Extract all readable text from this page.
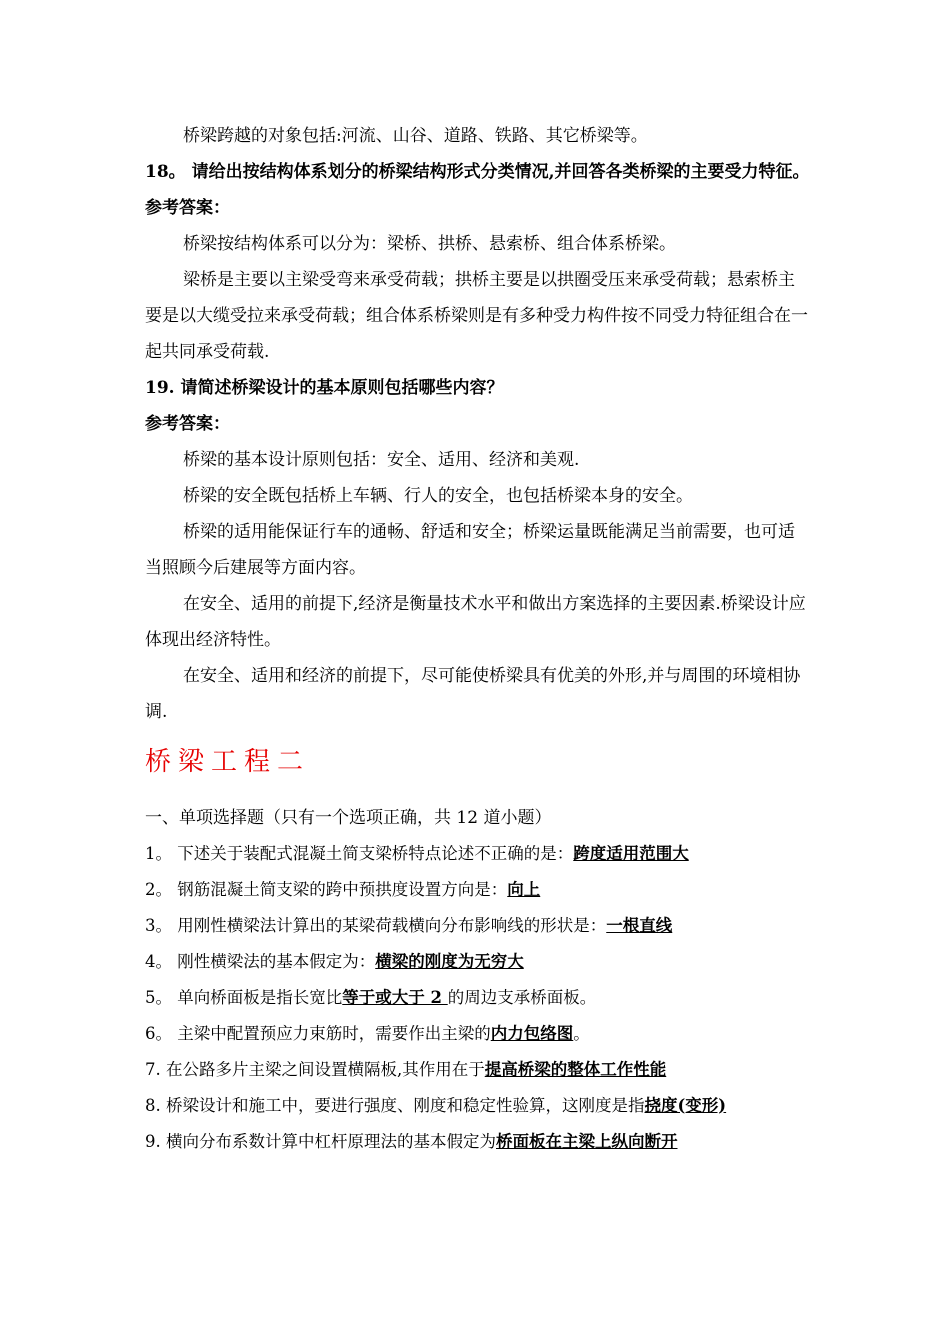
桥梁跨越的对象包括:河流、山谷、道路、铁路、其它桥梁等。

18。 请给出按结构体系划分的桥梁结构形式分类情况,并回答各类桥梁的主要受力特征。

参考答案：

桥梁按结构体系可以分为：梁桥、拱桥、悬索桥、组合体系桥梁。

梁桥是主要以主梁受弯来承受荷载；拱桥主要是以拱圈受压来承受荷载；悬索桥主要是以大缆受拉来承受荷载；组合体系桥梁则是有多种受力构件按不同受力特征组合在一起共同承受荷载.

19. 请简述桥梁设计的基本原则包括哪些内容？

参考答案：

桥梁的基本设计原则包括：安全、适用、经济和美观.

桥梁的安全既包括桥上车辆、行人的安全，也包括桥梁本身的安全。

桥梁的适用能保证行车的通畅、舒适和安全；桥梁运量既能满足当前需要，也可适当照顾今后建展等方面内容。

在安全、适用的前提下,经济是衡量技术水平和做出方案选择的主要因素.桥梁设计应体现出经济特性。

在安全、适用和经济的前提下，尽可能使桥梁具有优美的外形,并与周围的环境相协调.

桥梁工程二

一、单项选择题（只有一个选项正确，共 12 道小题）

1。 下述关于装配式混凝土简支梁桥特点论述不正确的是：跨度适用范围大

2。 钢筋混凝土简支梁的跨中预拱度设置方向是：向上

3。 用刚性横梁法计算出的某梁荷载横向分布影响线的形状是：一根直线

4。 刚性横梁法的基本假定为：横梁的刚度为无穷大

5。 单向桥面板是指长宽比等于或大于 2 的周边支承桥面板。

6。 主梁中配置预应力束筋时，需要作出主梁的内力包络图。

7. 在公路多片主梁之间设置横隔板,其作用在于提高桥梁的整体工作性能

8. 桥梁设计和施工中，要进行强度、刚度和稳定性验算，这刚度是指挠度(变形)

9. 横向分布系数计算中杠杆原理法的基本假定为桥面板在主梁上纵向断开
